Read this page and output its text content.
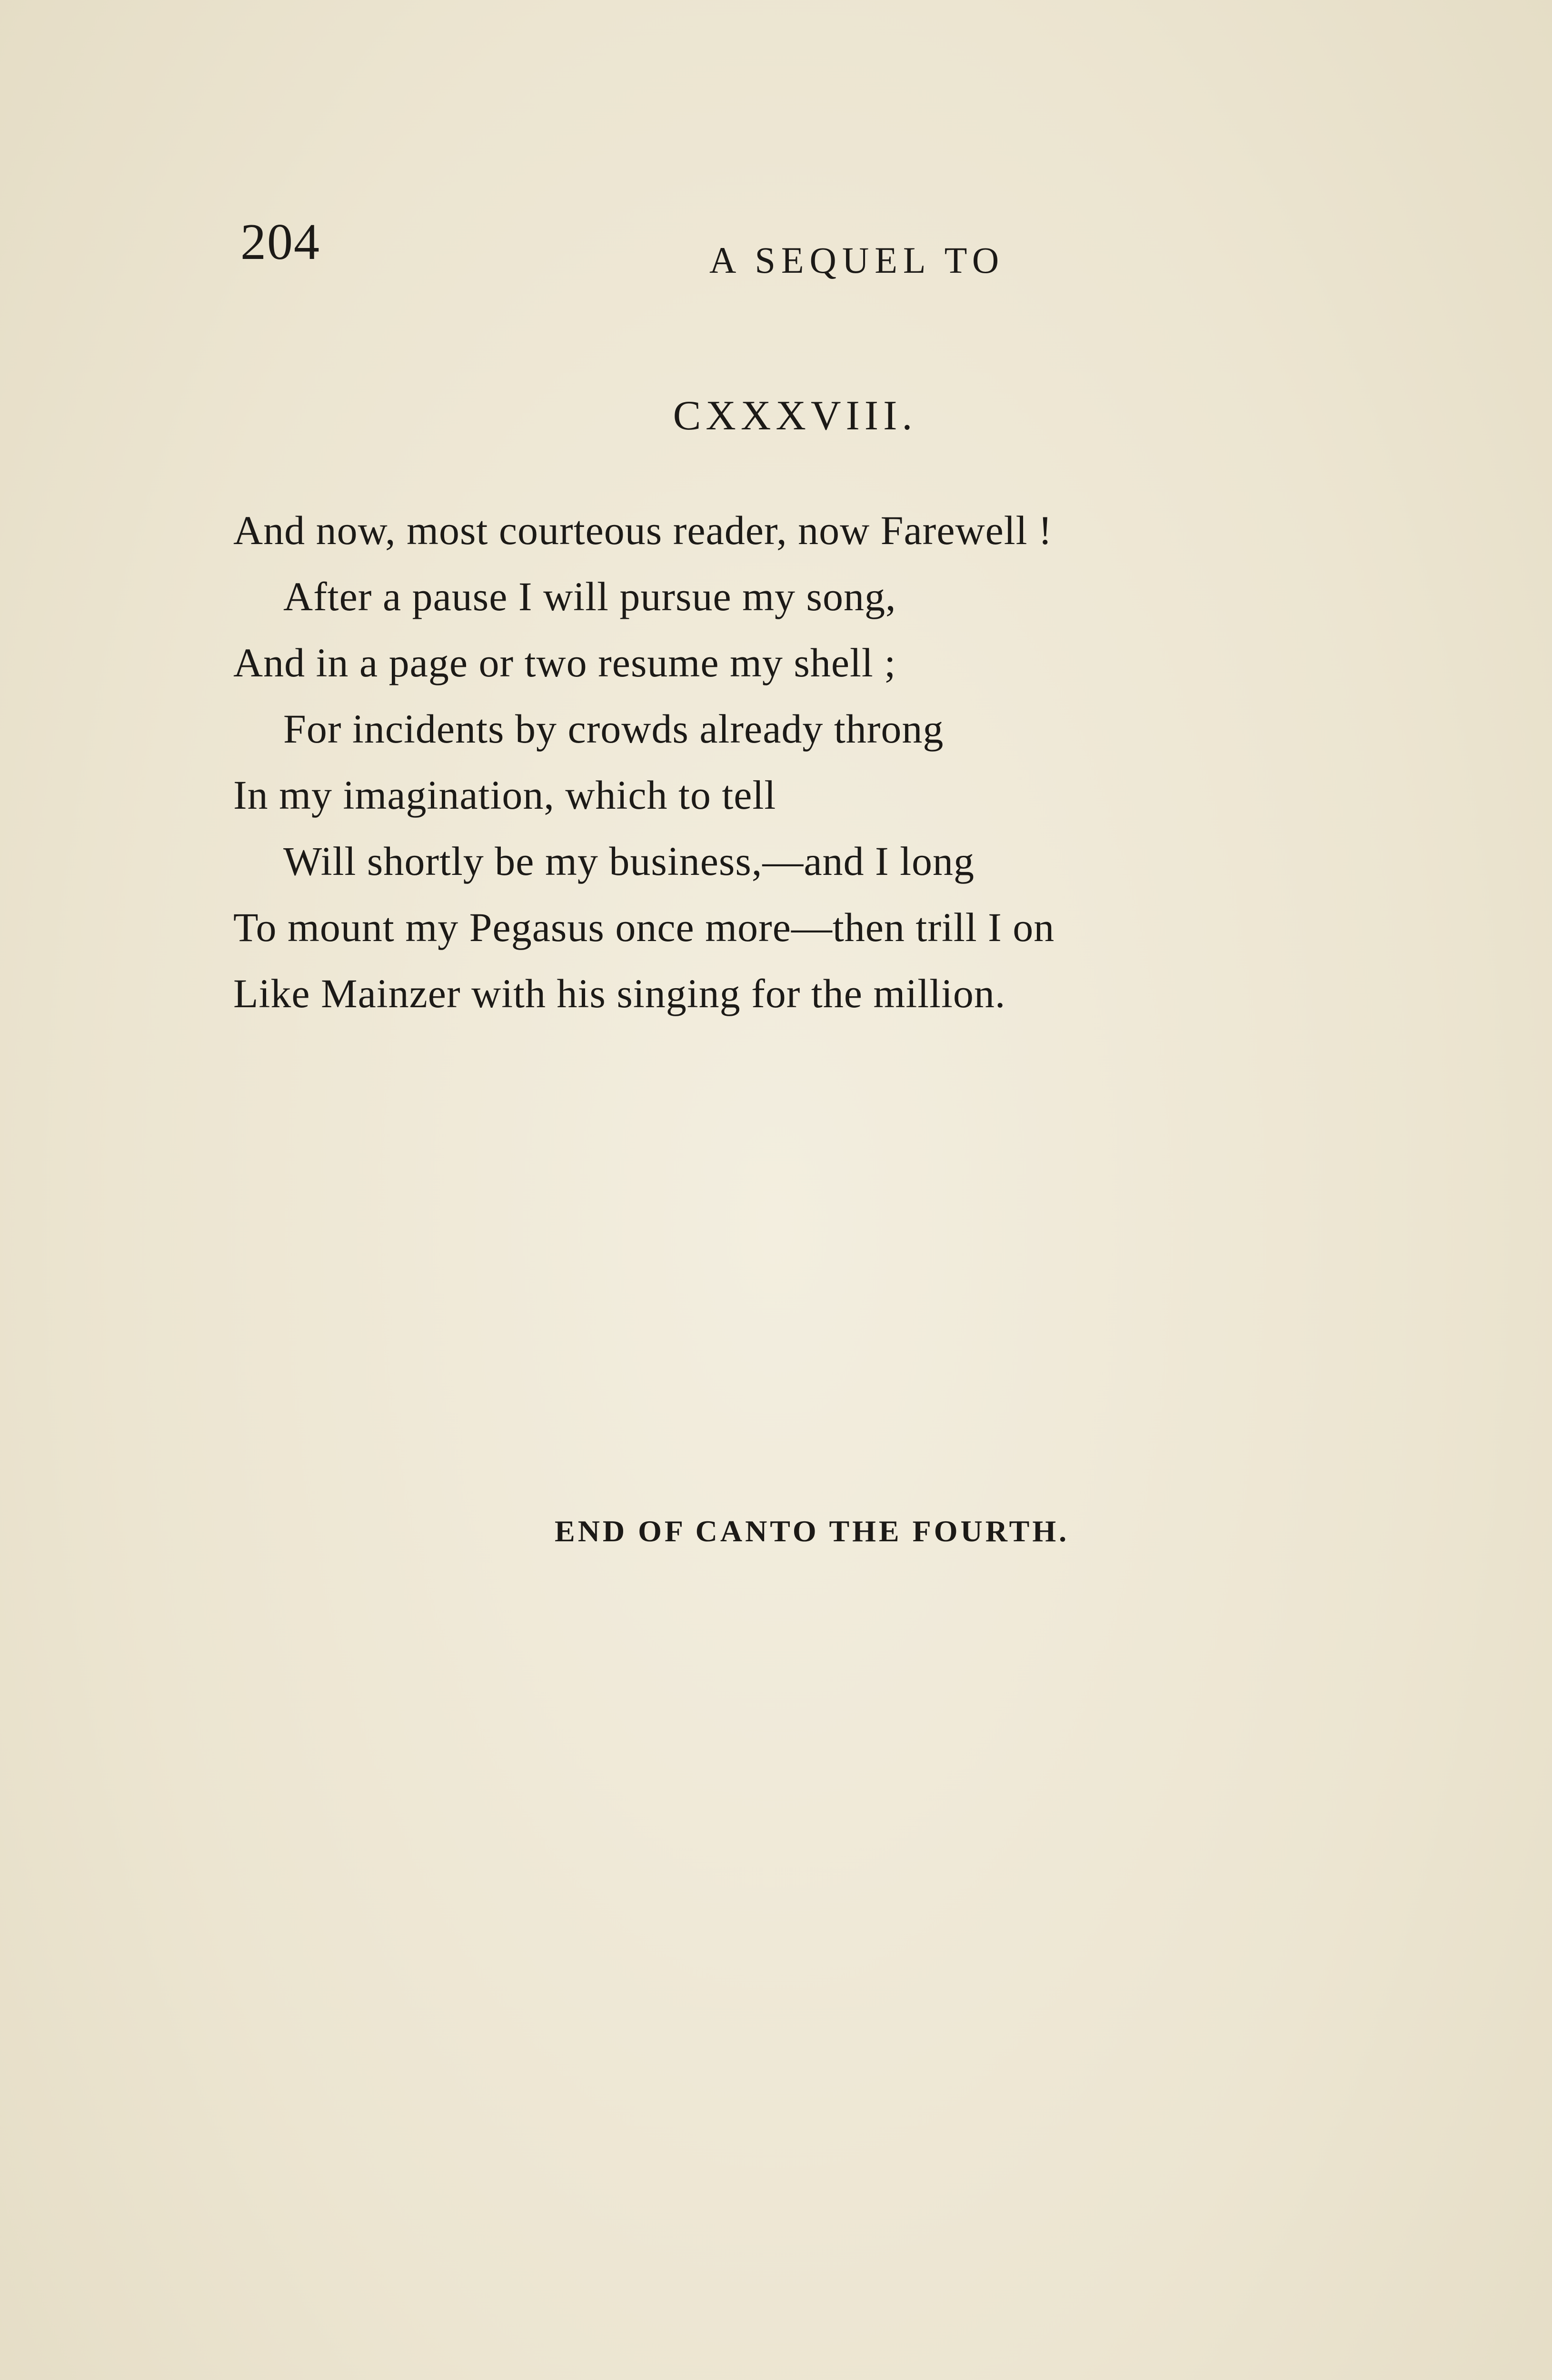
204	A SEQUEL TO
CXXXVIII.
And now, most courteous reader, now Farewell !
After a pause I will pursue my song,
And in a page or two resume my shell ;
For incidents by crowds already throng
In my imagination, which to tell
Will shortly be my business,—and I long
To mount my Pegasus once more—then trill I on
Like Mainzer with his singing for the million.
END OF CANTO THE FOURTH.
